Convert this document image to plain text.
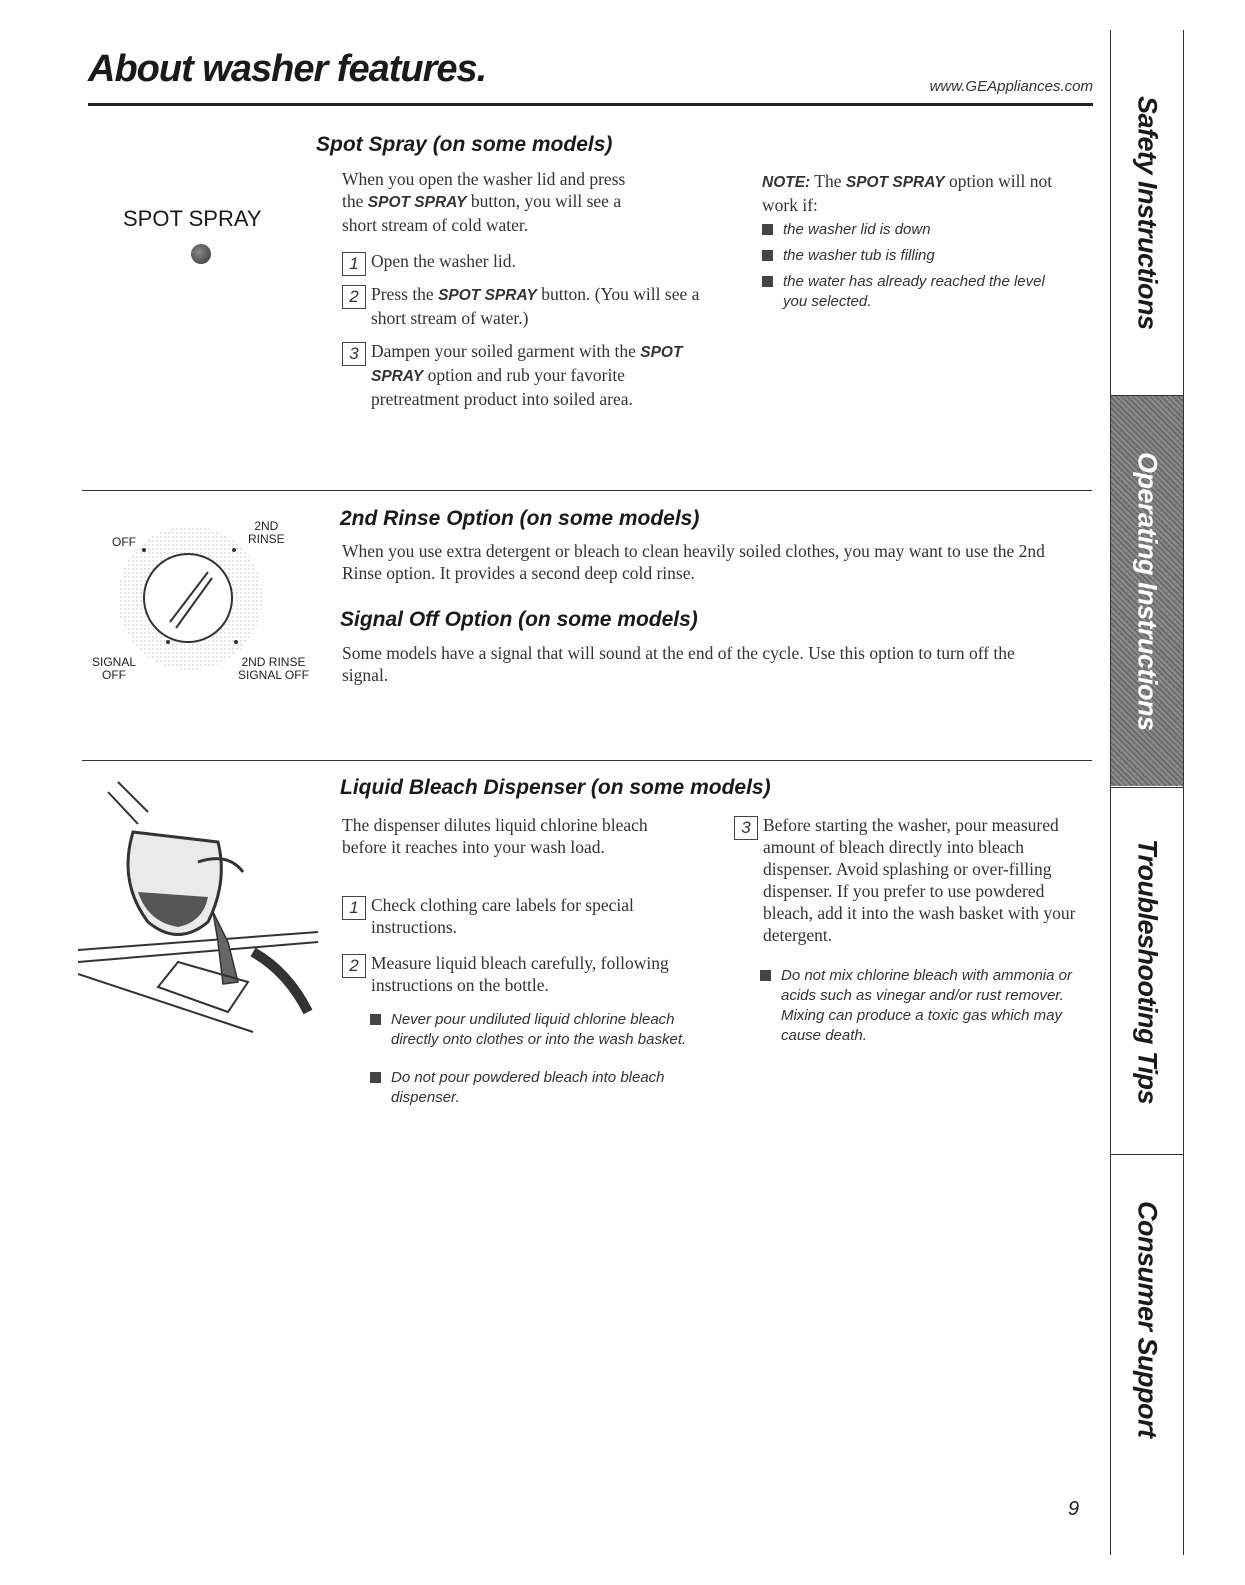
About washer features.	www.GEAppliances.com
SPOT SPRAY
Spot Spray (on some models)
When you open the washer lid and press
the SPOT SPRAY button, you will see a
short stream of cold water.
1 Open the washer lid.
2 Press the SPOT SPRAY button. (You will see a short stream of water.)
3 Dampen your soiled garment with the SPOT SPRAY option and rub your favorite pretreatment product into soiled area.
NOTE: The SPOT SPRAY option will not work if:
the washer lid is down
the washer tub is filling
the water has already reached the level you selected.
OFF
2ND
RINSE
SIGNAL
OFF
2ND RINSE
SIGNAL OFF
2nd Rinse Option (on some models)
When you use extra detergent or bleach to clean heavily soiled clothes, you may want to use the 2nd Rinse option. It provides a second deep cold rinse.
Signal Off Option (on some models)
Some models have a signal that will sound at the end of the cycle. Use this option to turn off the signal.
Liquid Bleach Dispenser (on some models)
The dispenser dilutes liquid chlorine bleach before it reaches into your wash load.
1 Check clothing care labels for special instructions.
2 Measure liquid bleach carefully, following instructions on the bottle.
Never pour undiluted liquid chlorine bleach directly onto clothes or into the wash basket.
Do not pour powdered bleach into bleach dispenser.
3 Before starting the washer, pour measured amount of bleach directly into bleach dispenser. Avoid splashing or over-filling dispenser. If you prefer to use powdered bleach, add it into the wash basket with your detergent.
Do not mix chlorine bleach with ammonia or acids such as vinegar and/or rust remover. Mixing can produce a toxic gas which may cause death.
Safety Instructions
Operating Instructions
Troubleshooting Tips
Consumer Support
9
